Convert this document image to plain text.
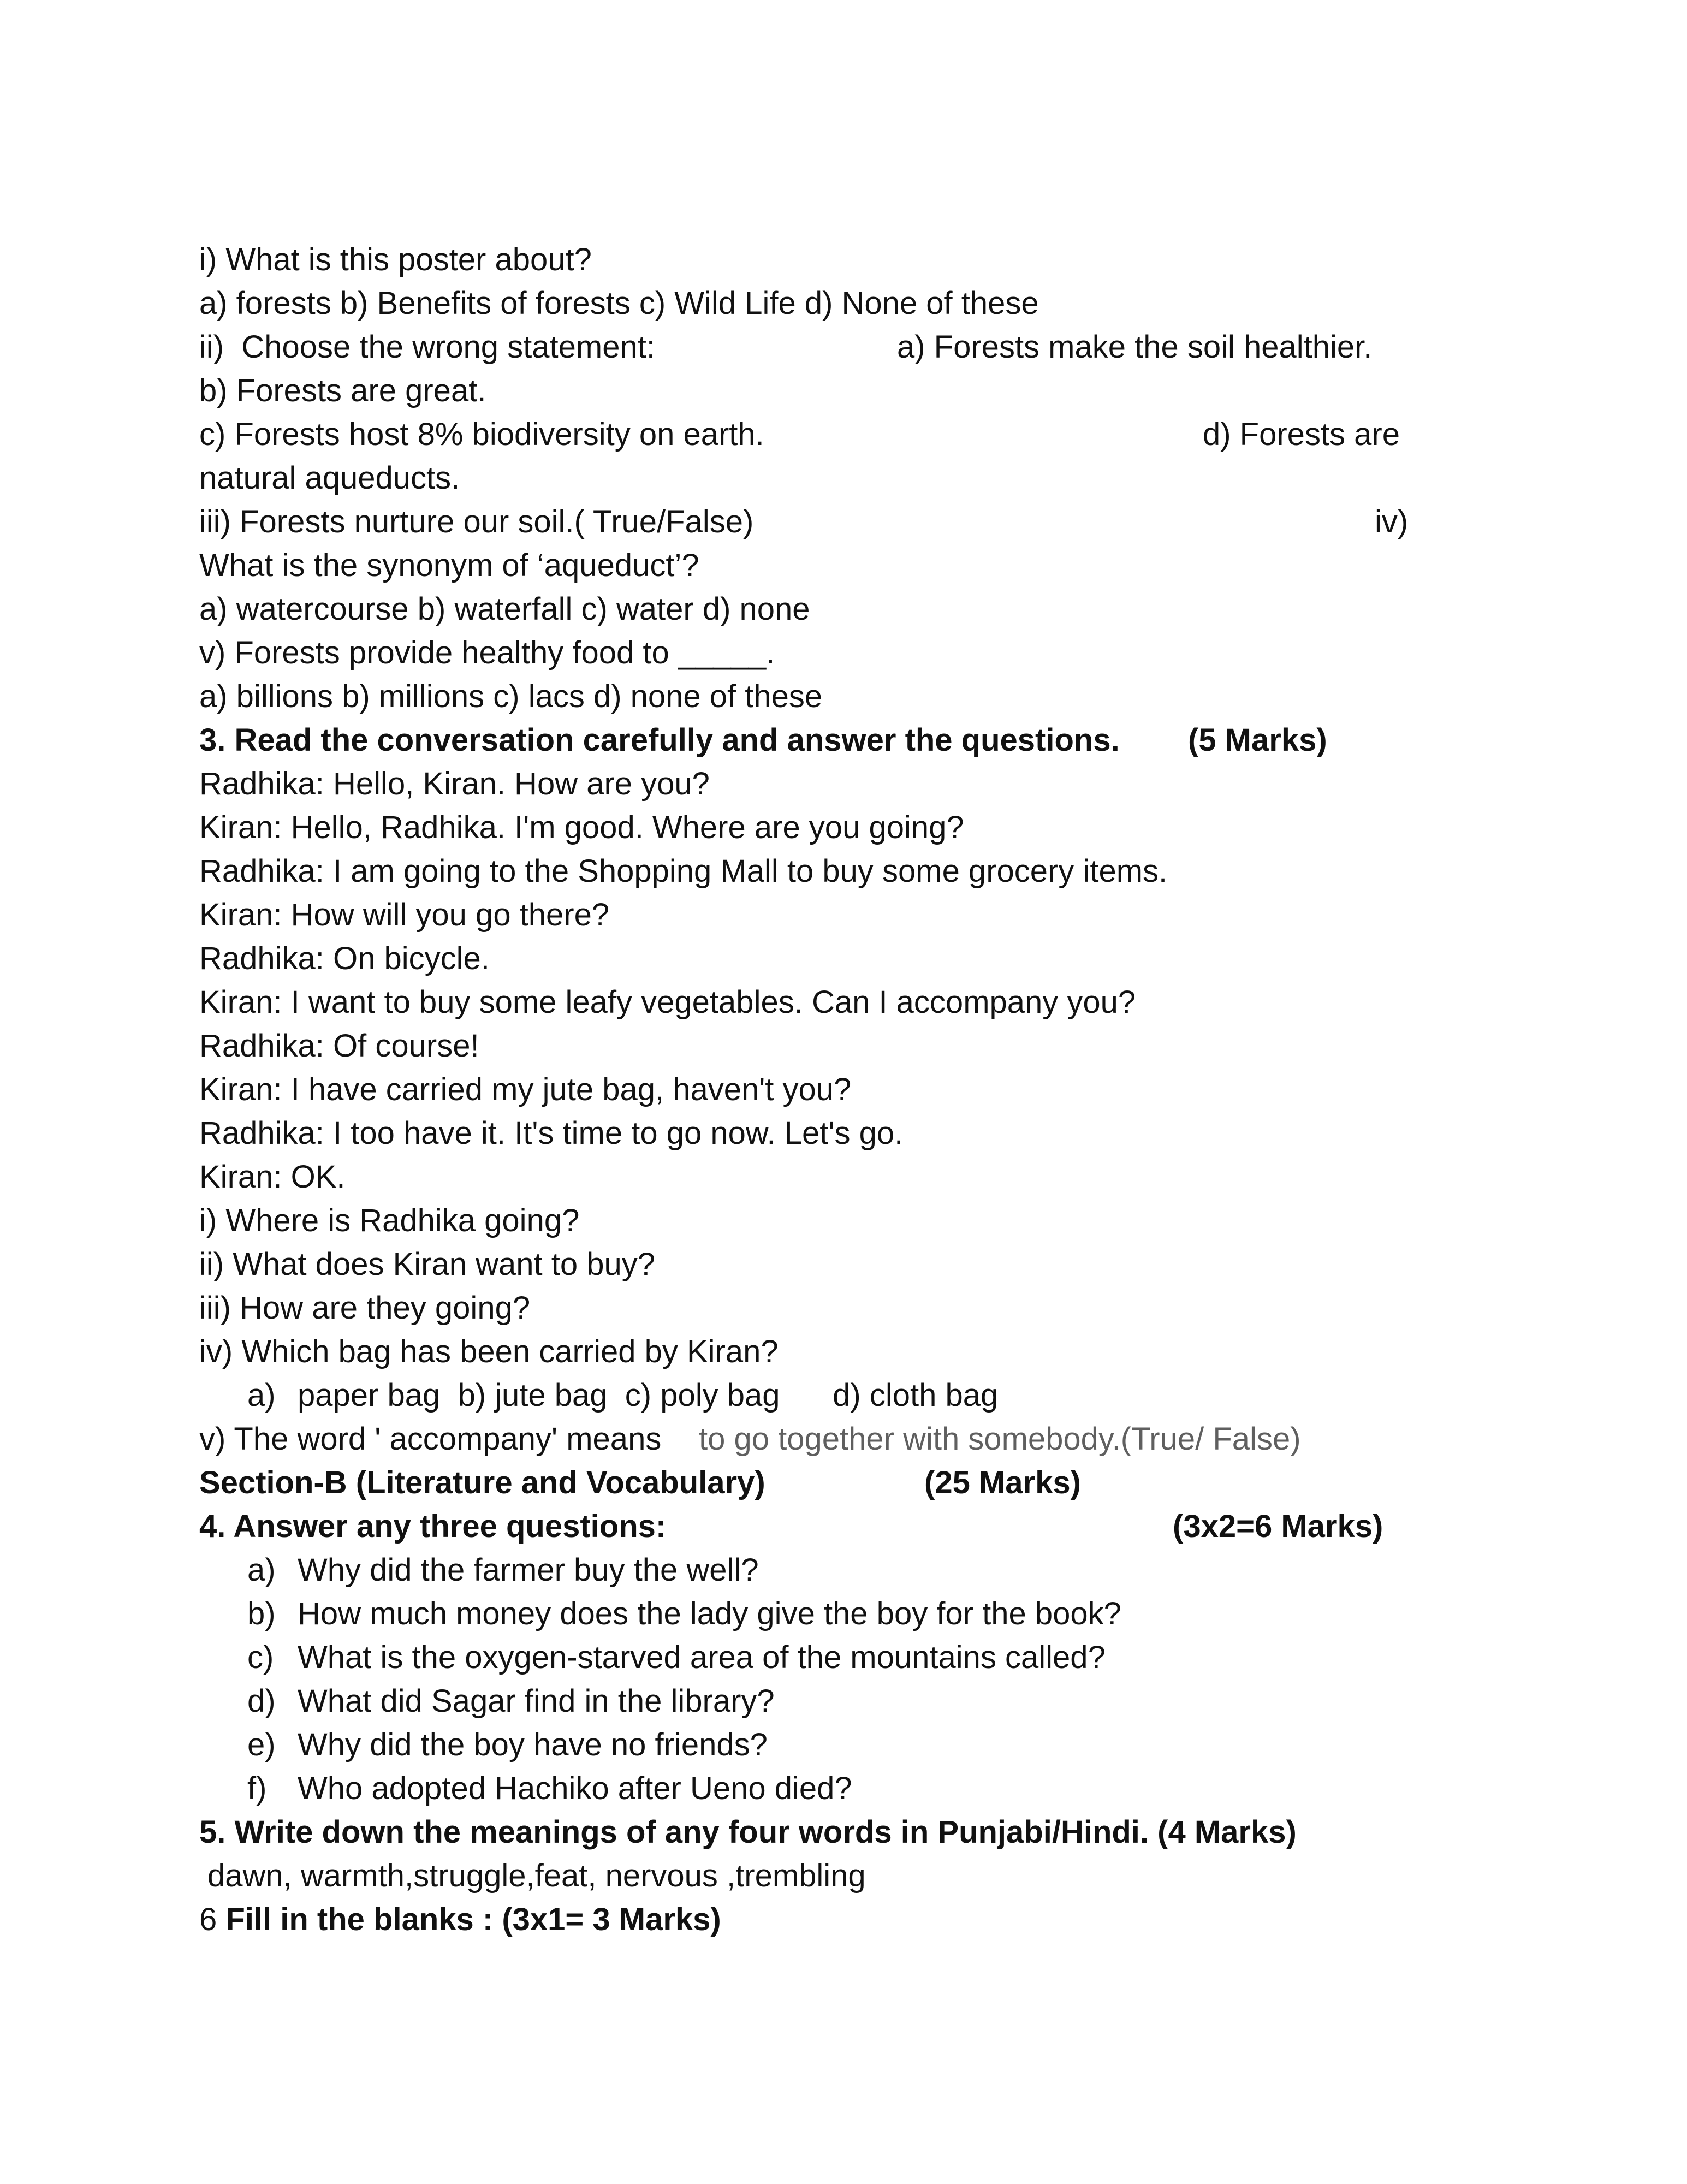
i) What is this poster about?
a) forests b) Benefits of forests c) Wild Life d) None of these
ii)  Choose the wrong statement:	a) Forests make the soil healthier.
b) Forests are great.
c) Forests host 8% biodiversity on earth.	d) Forests are
natural aqueducts.
iii) Forests nurture our soil.( True/False)	iv)
What is the synonym of ‘aqueduct’?
a) watercourse b) waterfall c) water d) none
v) Forests provide healthy food to _____.
a) billions b) millions c) lacs d) none of these
3. Read the conversation carefully and answer the questions. (5 Marks)
Radhika: Hello, Kiran. How are you?
Kiran: Hello, Radhika. I'm good. Where are you going?
Radhika: I am going to the Shopping Mall to buy some grocery items.
Kiran: How will you go there?
Radhika: On bicycle.
Kiran: I want to buy some leafy vegetables. Can I accompany you?
Radhika: Of course!
Kiran: I have carried my jute bag, haven't you?
Radhika: I too have it. It's time to go now. Let's go.
Kiran: OK.
i) Where is Radhika going?
ii) What does Kiran want to buy?
iii) How are they going?
iv) Which bag has been carried by Kiran?
a) paper bag  b) jute bag  c) poly bag      d) cloth bag
v) The word ' accompany' means to go together with somebody.(True/ False)
Section-B (Literature and Vocabulary)	(25 Marks)
4. Answer any three questions:	(3x2=6 Marks)
a) Why did the farmer buy the well?
b) How much money does the lady give the boy for the book?
c) What is the oxygen-starved area of the mountains called?
d) What did Sagar find in the library?
e) Why did the boy have no friends?
f) Who adopted Hachiko after Ueno died?
5. Write down the meanings of any four words in Punjabi/Hindi. (4 Marks)
dawn, warmth,struggle,feat, nervous ,trembling
6 Fill in the blanks : (3x1= 3 Marks)
